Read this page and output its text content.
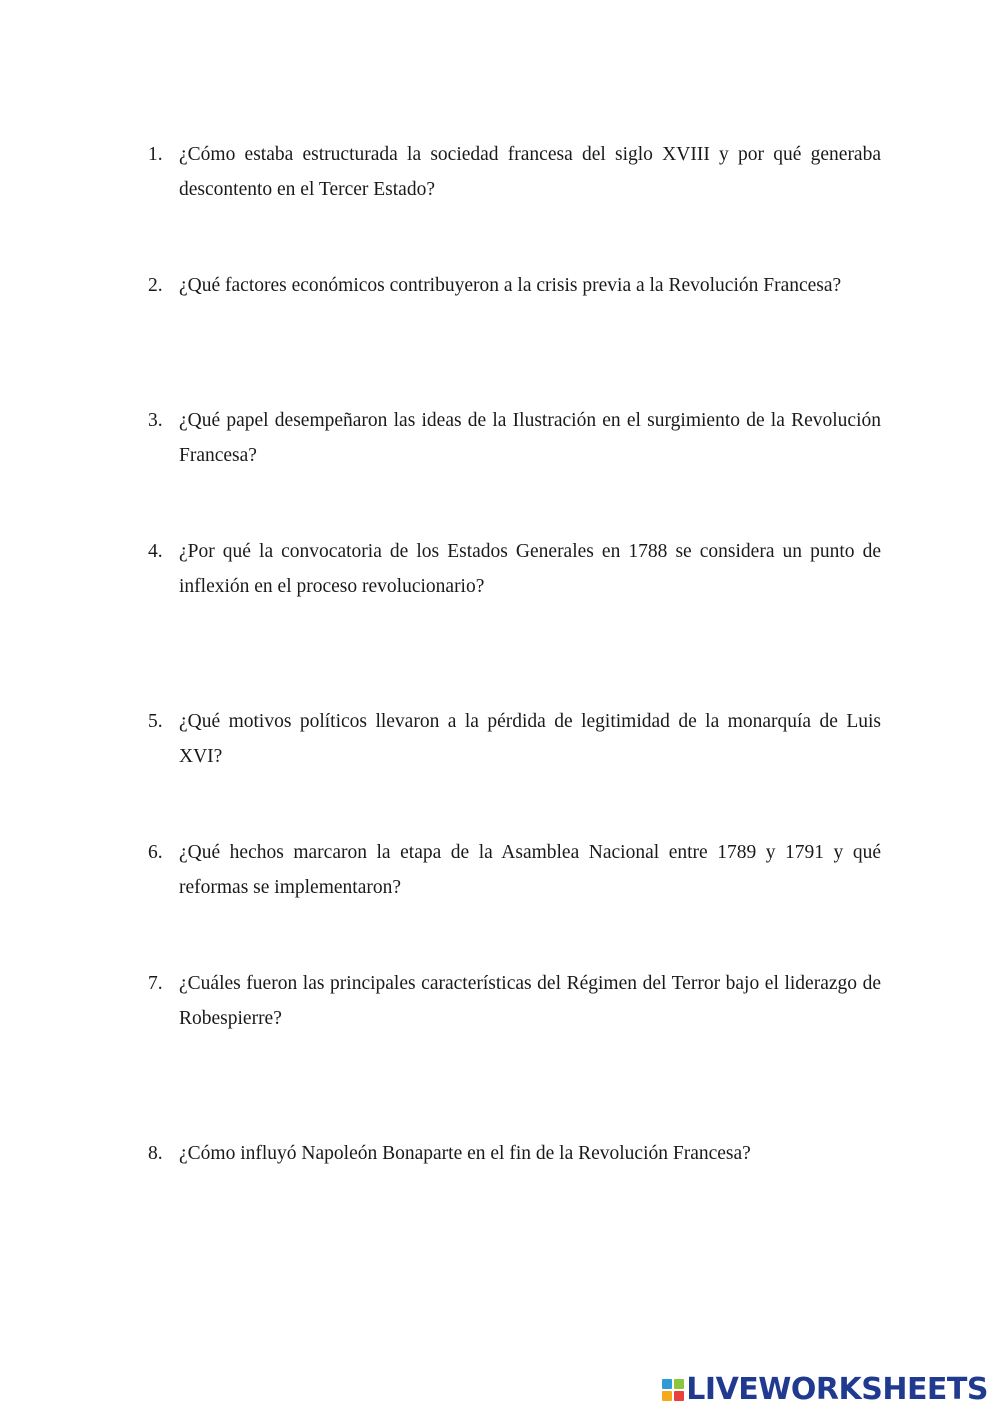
1. ¿Cómo estaba estructurada la sociedad francesa del siglo XVIII y por qué generaba descontento en el Tercer Estado?
2. ¿Qué factores económicos contribuyeron a la crisis previa a la Revolución Francesa?
3. ¿Qué papel desempeñaron las ideas de la Ilustración en el surgimiento de la Revolución Francesa?
4. ¿Por qué la convocatoria de los Estados Generales en 1788 se considera un punto de inflexión en el proceso revolucionario?
5. ¿Qué motivos políticos llevaron a la pérdida de legitimidad de la monarquía de Luis XVI?
6. ¿Qué hechos marcaron la etapa de la Asamblea Nacional entre 1789 y 1791 y qué reformas se implementaron?
7. ¿Cuáles fueron las principales características del Régimen del Terror bajo el liderazgo de Robespierre?
8. ¿Cómo influyó Napoleón Bonaparte en el fin de la Revolución Francesa?
LIVEWORKSHEETS
